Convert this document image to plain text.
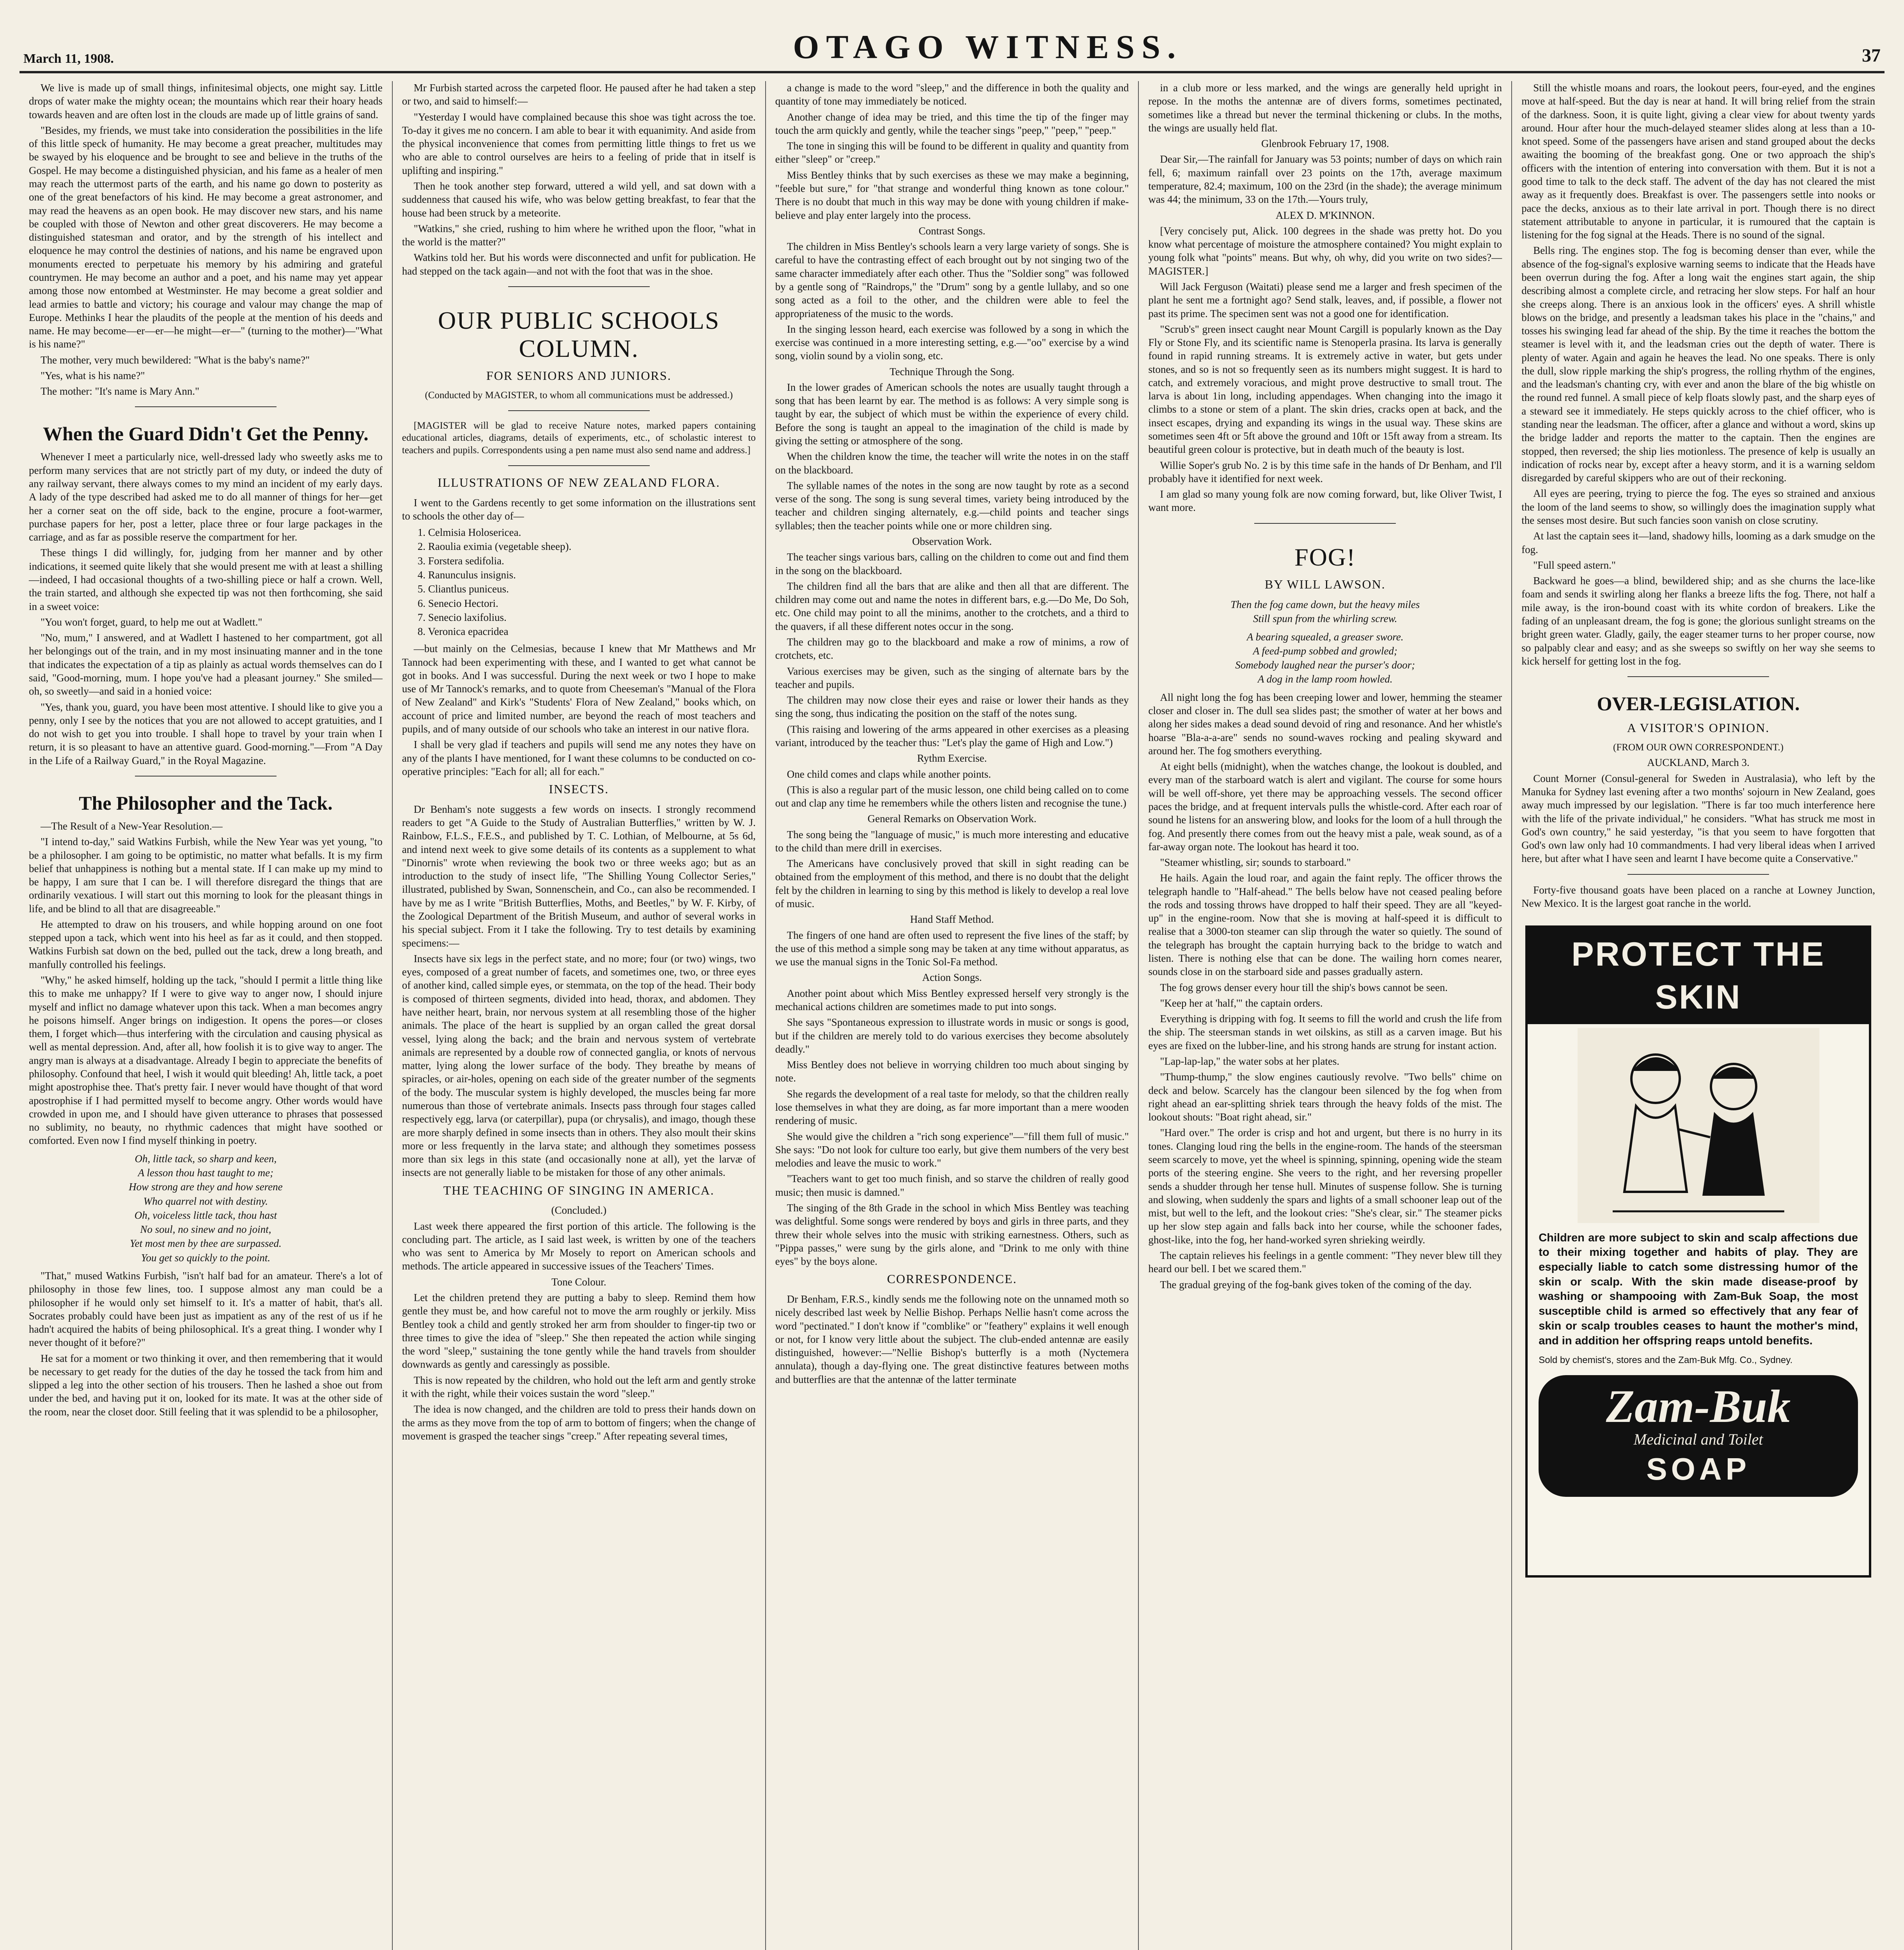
March 11, 1908.	OTAGO WITNESS.	37

We live is made up of small things, infinitesimal objects, one might say. Little drops of water make the mighty ocean; the mountains which rear their hoary heads towards heaven and are often lost in the clouds are made up of little grains of sand.

"Besides, my friends, we must take into consideration the possibilities in the life of this little speck of humanity. He may become a great preacher, multitudes may be swayed by his eloquence and be brought to see and believe in the truths of the Gospel. He may become a distinguished physician, and his fame as a healer of men may reach the uttermost parts of the earth, and his name go down to posterity as one of the great benefactors of his kind. He may become a great astronomer, and may read the heavens as an open book. He may discover new stars, and his name be coupled with those of Newton and other great discoverers. He may become a distinguished statesman and orator, and by the strength of his intellect and eloquence he may control the destinies of nations, and his name be engraved upon monuments erected to perpetuate his memory by his admiring and grateful countrymen. He may become an author and a poet, and his name may yet appear among those now entombed at Westminster. He may become a great soldier and lead armies to battle and victory; his courage and valour may change the map of Europe. Methinks I hear the plaudits of the people at the mention of his deeds and name. He may become—er—er—he might—er—" (turning to the mother)—"What is his name?"

The mother, very much bewildered: "What is the baby's name?"

"Yes, what is his name?"

The mother: "It's name is Mary Ann."

When the Guard Didn't Get the Penny.

Whenever I meet a particularly nice, well-dressed lady who sweetly asks me to perform many services that are not strictly part of my duty, or indeed the duty of any railway servant, there always comes to my mind an incident of my early days. A lady of the type described had asked me to do all manner of things for her—get her a corner seat on the off side, back to the engine, procure a foot-warmer, purchase papers for her, post a letter, place three or four large packages in the carriage, and as far as possible reserve the compartment for her.

These things I did willingly, for, judging from her manner and by other indications, it seemed quite likely that she would present me with at least a shilling—indeed, I had occasional thoughts of a two-shilling piece or half a crown. Well, the train started, and although she expected tip was not then forthcoming, she said in a sweet voice:

"You won't forget, guard, to help me out at Wadlett."

"No, mum," I answered, and at Wadlett I hastened to her compartment, got all her belongings out of the train, and in my most insinuating manner and in the tone that indicates the expectation of a tip as plainly as actual words themselves can do I said, "Good-morning, mum. I hope you've had a pleasant journey." She smiled—oh, so sweetly—and said in a honied voice:

"Yes, thank you, guard, you have been most attentive. I should like to give you a penny, only I see by the notices that you are not allowed to accept gratuities, and I do not wish to get you into trouble. I shall hope to travel by your train when I return, it is so pleasant to have an attentive guard. Good-morning."—From "A Day in the Life of a Railway Guard," in the Royal Magazine.

The Philosopher and the Tack.

—The Result of a New-Year Resolution.—

"I intend to-day," said Watkins Furbish, while the New Year was yet young, "to be a philosopher. I am going to be optimistic, no matter what befalls. It is my firm belief that unhappiness is nothing but a mental state. If I can make up my mind to be happy, I am sure that I can be. I will therefore disregard the things that are ordinarily vexatious. I will start out this morning to look for the pleasant things in life, and be blind to all that are disagreeable."

He attempted to draw on his trousers, and while hopping around on one foot stepped upon a tack, which went into his heel as far as it could, and then stopped. Watkins Furbish sat down on the bed, pulled out the tack, drew a long breath, and manfully controlled his feelings.

"Why," he asked himself, holding up the tack, "should I permit a little thing like this to make me unhappy? If I were to give way to anger now, I should injure myself and inflict no damage whatever upon this tack. When a man becomes angry he poisons himself. Anger brings on indigestion. It opens the pores—or closes them, I forget which—thus interfering with the circulation and causing physical as well as mental depression. And, after all, how foolish it is to give way to anger. The angry man is always at a disadvantage. Already I begin to appreciate the benefits of philosophy. Confound that heel, I wish it would quit bleeding! Ah, little tack, a poet might apostrophise thee. That's pretty fair. I never would have thought of that word apostrophise if I had permitted myself to become angry. Other words would have crowded in upon me, and I should have given utterance to phrases that possessed no sublimity, no beauty, no rhythmic cadences that might have soothed or comforted. Even now I find myself thinking in poetry.

Oh, little tack, so sharp and keen,
A lesson thou hast taught to me;
How strong are they and how serene
Who quarrel not with destiny.
Oh, voiceless little tack, thou hast
No soul, no sinew and no joint,
Yet most men by thee are surpassed.
You get so quickly to the point.

"That," mused Watkins Furbish, "isn't half bad for an amateur. There's a lot of philosophy in those few lines, too. I suppose almost any man could be a philosopher if he would only set himself to it. It's a matter of habit, that's all. Socrates probably could have been just as impatient as any of the rest of us if he hadn't acquired the habits of being philosophical. It's a great thing. I wonder why I never thought of it before?"

He sat for a moment or two thinking it over, and then remembering that it would be necessary to get ready for the duties of the day he tossed the tack from him and slipped a leg into the other section of his trousers. Then he lashed a shoe out from under the bed, and having put it on, looked for its mate. It was at the other side of the room, near the closet door. Still feeling that it was splendid to be a philosopher,

Mr Furbish started across the carpeted floor. He paused after he had taken a step or two, and said to himself:—

"Yesterday I would have complained because this shoe was tight across the toe. To-day it gives me no concern. I am able to bear it with equanimity. And aside from the physical inconvenience that comes from permitting little things to fret us we who are able to control ourselves are heirs to a feeling of pride that in itself is uplifting and inspiring."

Then he took another step forward, uttered a wild yell, and sat down with a suddenness that caused his wife, who was below getting breakfast, to fear that the house had been struck by a meteorite.

"Watkins," she cried, rushing to him where he writhed upon the floor, "what in the world is the matter?"

Watkins told her. But his words were disconnected and unfit for publication. He had stepped on the tack again—and not with the foot that was in the shoe.

OUR PUBLIC SCHOOLS COLUMN.
FOR SENIORS AND JUNIORS.

(Conducted by MAGISTER, to whom all communications must be addressed.)

[MAGISTER will be glad to receive Nature notes, marked papers containing educational articles, diagrams, details of experiments, etc., of scholastic interest to teachers and pupils. Correspondents using a pen name must also send name and address.]

ILLUSTRATIONS OF NEW ZEALAND FLORA.

I went to the Gardens recently to get some information on the illustrations sent to schools the other day of—

1. Celmisia Holosericea.
2. Raoulia eximia (vegetable sheep).
3. Forstera sedifolia.
4. Ranunculus insignis.
5. Cliantlus puniceus.
6. Senecio Hectori.
7. Senecio laxifolius.
8. Veronica epacridea

—but mainly on the Celmesias, because I knew that Mr Matthews and Mr Tannock had been experimenting with these, and I wanted to get what cannot be got in books. And I was successful. During the next week or two I hope to make use of Mr Tannock's remarks, and to quote from Cheeseman's "Manual of the Flora of New Zealand" and Kirk's "Students' Flora of New Zealand," books which, on account of price and limited number, are beyond the reach of most teachers and pupils, and of many outside of our schools who take an interest in our native flora.

I shall be very glad if teachers and pupils will send me any notes they have on any of the plants I have mentioned, for I want these columns to be conducted on co-operative principles: "Each for all; all for each."

INSECTS.

Dr Benham's note suggests a few words on insects. I strongly recommend readers to get "A Guide to the Study of Australian Butterflies," written by W. J. Rainbow, F.L.S., F.E.S., and published by T. C. Lothian, of Melbourne, at 5s 6d, and intend next week to give some details of its contents as a supplement to what "Dinornis" wrote when reviewing the book two or three weeks ago; but as an introduction to the study of insect life, "The Shilling Young Collector Series," illustrated, published by Swan, Sonnenschein, and Co., can also be recommended. I have by me as I write "British Butterflies, Moths, and Beetles," by W. F. Kirby, of the Zoological Department of the British Museum, and author of several works in his special subject. From it I take the following. Try to test details by examining specimens:—

Insects have six legs in the perfect state, and no more; four (or two) wings, two eyes, composed of a great number of facets, and sometimes one, two, or three eyes of another kind, called simple eyes, or stemmata, on the top of the head. Their body is composed of thirteen segments, divided into head, thorax, and abdomen. They have neither heart, brain, nor nervous system at all resembling those of the higher animals. The place of the heart is supplied by an organ called the great dorsal vessel, lying along the back; and the brain and nervous system of vertebrate animals are represented by a double row of connected ganglia, or knots of nervous matter, lying along the lower surface of the body. They breathe by means of spiracles, or air-holes, opening on each side of the greater number of the segments of the body. The muscular system is highly developed, the muscles being far more numerous than those of vertebrate animals. Insects pass through four stages called respectively egg, larva (or caterpillar), pupa (or chrysalis), and imago, though these are more sharply defined in some insects than in others. They also moult their skins more or less frequently in the larva state; and although they sometimes possess more than six legs in this state (and occasionally none at all), yet the larvæ of insects are not generally liable to be mistaken for those of any other animals.

THE TEACHING OF SINGING IN AMERICA.

(Concluded.)

Last week there appeared the first portion of this article. The following is the concluding part. The article, as I said last week, is written by one of the teachers who was sent to America by Mr Mosely to report on American schools and methods. The article appeared in successive issues of the Teachers' Times.

Tone Colour.

Let the children pretend they are putting a baby to sleep. Remind them how gentle they must be, and how careful not to move the arm roughly or jerkily. Miss Bentley took a child and gently stroked her arm from shoulder to finger-tip two or three times to give the idea of "sleep." She then repeated the action while singing the word "sleep," sustaining the tone gently while the hand travels from shoulder downwards as gently and caressingly as possible.

This is now repeated by the children, who hold out the left arm and gently stroke it with the right, while their voices sustain the word "sleep."

The idea is now changed, and the children are told to press their hands down on the arms as they move from the top of arm to bottom of fingers; when the change of movement is grasped the teacher sings "creep." After repeating several times,

a change is made to the word "sleep," and the difference in both the quality and quantity of tone may immediately be noticed.

Another change of idea may be tried, and this time the tip of the finger may touch the arm quickly and gently, while the teacher sings "peep," "peep," "peep."

The tone in singing this will be found to be different in quality and quantity from either "sleep" or "creep."

Miss Bentley thinks that by such exercises as these we may make a beginning, "feeble but sure," for "that strange and wonderful thing known as tone colour." There is no doubt that much in this way may be done with young children if make-believe and play enter largely into the process.

Contrast Songs.

The children in Miss Bentley's schools learn a very large variety of songs. She is careful to have the contrasting effect of each brought out by not singing two of the same character immediately after each other. Thus the "Soldier song" was followed by a gentle song of "Raindrops," the "Drum" song by a gentle lullaby, and so one song acted as a foil to the other, and the children were able to feel the appropriateness of the music to the words.

In the singing lesson heard, each exercise was followed by a song in which the exercise was continued in a more interesting setting, e.g.—"oo" exercise by a wind song, violin sound by a violin song, etc.

Technique Through the Song.

In the lower grades of American schools the notes are usually taught through a song that has been learnt by ear. The method is as follows: A very simple song is taught by ear, the subject of which must be within the experience of every child. Before the song is taught an appeal to the imagination of the child is made by giving the setting or atmosphere of the song.

When the children know the time, the teacher will write the notes in on the staff on the blackboard.

The syllable names of the notes in the song are now taught by rote as a second verse of the song. The song is sung several times, variety being introduced by the teacher and children singing alternately, e.g.—child points and teacher sings syllables; then the teacher points while one or more children sing.

Observation Work.

The teacher sings various bars, calling on the children to come out and find them in the song on the blackboard.

The children find all the bars that are alike and then all that are different. The children may come out and name the notes in different bars, e.g.—Do Me, Do Soh, etc. One child may point to all the minims, another to the crotchets, and a third to the quavers, if all these different notes occur in the song.

The children may go to the blackboard and make a row of minims, a row of crotchets, etc.

Various exercises may be given, such as the singing of alternate bars by the teacher and pupils.

The children may now close their eyes and raise or lower their hands as they sing the song, thus indicating the position on the staff of the notes sung.

(This raising and lowering of the arms appeared in other exercises as a pleasing variant, introduced by the teacher thus: "Let's play the game of High and Low.")

Rythm Exercise.

One child comes and claps while another points.

(This is also a regular part of the music lesson, one child being called on to come out and clap any time he remembers while the others listen and recognise the tune.)

General Remarks on Observation Work.

The song being the "language of music," is much more interesting and educative to the child than mere drill in exercises.

The Americans have conclusively proved that skill in sight reading can be obtained from the employment of this method, and there is no doubt that the delight felt by the children in learning to sing by this method is likely to develop a real love of music.

Hand Staff Method.

The fingers of one hand are often used to represent the five lines of the staff; by the use of this method a simple song may be taken at any time without apparatus, as we use the manual signs in the Tonic Sol-Fa method.

Action Songs.

Another point about which Miss Bentley expressed herself very strongly is the mechanical actions children are sometimes made to put into songs.

She says "Spontaneous expression to illustrate words in music or songs is good, but if the children are merely told to do various exercises they become absolutely deadly."

Miss Bentley does not believe in worrying children too much about singing by note.

She regards the development of a real taste for melody, so that the children really lose themselves in what they are doing, as far more important than a mere wooden rendering of music.

She would give the children a "rich song experience"—"fill them full of music." She says: "Do not look for culture too early, but give them numbers of the very best melodies and leave the music to work."

"Teachers want to get too much finish, and so starve the children of really good music; then music is damned."

The singing of the 8th Grade in the school in which Miss Bentley was teaching was delightful. Some songs were rendered by boys and girls in three parts, and they threw their whole selves into the music with striking earnestness. Others, such as "Pippa passes," were sung by the girls alone, and "Drink to me only with thine eyes" by the boys alone.

CORRESPONDENCE.

Dr Benham, F.R.S., kindly sends me the following note on the unnamed moth so nicely described last week by Nellie Bishop. Perhaps Nellie hasn't come across the word "pectinated." I don't know if "comblike" or "feathery" explains it well enough or not, for I know very little about the subject. The club-ended antennæ are easily distinguished, however:—"Nellie Bishop's butterfly is a moth (Nyctemera annulata), though a day-flying one. The great distinctive features between moths and butterflies are that the antennæ of the latter terminate

in a club more or less marked, and the wings are generally held upright in repose. In the moths the antennæ are of divers forms, sometimes pectinated, sometimes like a thread but never the terminal thickening or clubs. In the moths, the wings are usually held flat.

Glenbrook February 17, 1908.

Dear Sir,—The rainfall for January was 53 points; number of days on which rain fell, 6; maximum rainfall over 23 points on the 17th, average maximum temperature, 82.4; maximum, 100 on the 23rd (in the shade); the average minimum was 44; the minimum, 33 on the 17th.—Yours truly,

ALEX D. M'KINNON.

[Very concisely put, Alick. 100 degrees in the shade was pretty hot. Do you know what percentage of moisture the atmosphere contained? You might explain to young folk what "points" means. But why, oh why, did you write on two sides?—MAGISTER.]

Will Jack Ferguson (Waitati) please send me a larger and fresh specimen of the plant he sent me a fortnight ago? Send stalk, leaves, and, if possible, a flower not past its prime. The specimen sent was not a good one for identification.

"Scrub's" green insect caught near Mount Cargill is popularly known as the Day Fly or Stone Fly, and its scientific name is Stenoperla prasina. Its larva is generally found in rapid running streams. It is extremely active in water, but gets under stones, and so is not so frequently seen as its numbers might suggest. It is hard to catch, and extremely voracious, and might prove destructive to small trout. The larva is about 1in long, including appendages. When changing into the imago it climbs to a stone or stem of a plant. The skin dries, cracks open at back, and the insect escapes, drying and expanding its wings in the usual way. These skins are sometimes seen 4ft or 5ft above the ground and 10ft or 15ft away from a stream. Its beautiful green colour is protective, but in death much of the beauty is lost.

Willie Soper's grub No. 2 is by this time safe in the hands of Dr Benham, and I'll probably have it identified for next week.

I am glad so many young folk are now coming forward, but, like Oliver Twist, I want more.

FOG!
BY WILL LAWSON.
Then the fog came down, but the heavy miles
Still spun from the whirling screw.
A bearing squealed, a greaser swore.
A feed-pump sobbed and growled;
Somebody laughed near the purser's door;
A dog in the lamp room howled.

All night long the fog has been creeping lower and lower, hemming the steamer closer and closer in. The dull sea slides past; the smother of water at her bows and along her sides makes a dead sound devoid of ring and resonance. And her whistle's hoarse "Bla-a-a-are" sends no sound-waves rocking and pealing skyward and around her. The fog smothers everything.

At eight bells (midnight), when the watches change, the lookout is doubled, and every man of the starboard watch is alert and vigilant. The course for some hours will be well off-shore, yet there may be approaching vessels. The second officer paces the bridge, and at frequent intervals pulls the whistle-cord. After each roar of sound he listens for an answering blow, and looks for the loom of a hull through the fog. And presently there comes from out the heavy mist a pale, weak sound, as of a far-away organ note. The lookout has heard it too.

"Steamer whistling, sir; sounds to starboard."

He hails. Again the loud roar, and again the faint reply. The officer throws the telegraph handle to "Half-ahead." The bells below have not ceased pealing before the rods and tossing throws have dropped to half their speed. They are all "keyed-up" in the engine-room. Now that she is moving at half-speed it is difficult to realise that a 3000-ton steamer can slip through the water so quietly. The sound of the telegraph has brought the captain hurrying back to the bridge to watch and listen. There is nothing else that can be done. The wailing horn comes nearer, sounds close in on the starboard side and passes gradually astern.

The fog grows denser every hour till the ship's bows cannot be seen.

"Keep her at 'half,'" the captain orders.

Everything is dripping with fog. It seems to fill the world and crush the life from the ship. The steersman stands in wet oilskins, as still as a carven image. But his eyes are fixed on the lubber-line, and his strong hands are strung for instant action.

"Lap-lap-lap," the water sobs at her plates.

"Thump-thump," the slow engines cautiously revolve. "Two bells" chime on deck and below. Scarcely has the clangour been silenced by the fog when from right ahead an ear-splitting shriek tears through the heavy folds of the mist. The lookout shouts: "Boat right ahead, sir."

"Hard over." The order is crisp and hot and urgent, but there is no hurry in its tones. Clanging loud ring the bells in the engine-room. The hands of the steersman seem scarcely to move, yet the wheel is spinning, spinning, opening wide the steam ports of the steering engine. She veers to the right, and her reversing propeller sends a shudder through her tense hull. Minutes of suspense follow. She is turning and slowing, when suddenly the spars and lights of a small schooner leap out of the mist, but well to the left, and the lookout cries: "She's clear, sir." The steamer picks up her slow step again and falls back into her course, while the schooner fades, ghost-like, into the fog, her hand-worked syren shrieking weirdly.

The captain relieves his feelings in a gentle comment: "They never blew till they heard our bell. I bet we scared them."

The gradual greying of the fog-bank gives token of the coming of the day.

Still the whistle moans and roars, the lookout peers, four-eyed, and the engines move at half-speed. But the day is near at hand. It will bring relief from the strain of the darkness. Soon, it is quite light, giving a clear view for about twenty yards around. Hour after hour the much-delayed steamer slides along at less than a 10-knot speed. Some of the passengers have arisen and stand grouped about the decks awaiting the booming of the breakfast gong. One or two approach the ship's officers with the intention of entering into conversation with them. But it is not a good time to talk to the deck staff. The advent of the day has not cleared the mist away as it frequently does. Breakfast is over. The passengers settle into nooks or pace the decks, anxious as to their late arrival in port. Though there is no direct statement attributable to anyone in particular, it is rumoured that the captain is listening for the fog signal at the Heads. There is no sound of the signal.

Bells ring. The engines stop. The fog is becoming denser than ever, while the absence of the fog-signal's explosive warning seems to indicate that the Heads have been overrun during the fog. After a long wait the engines start again, the ship describing almost a complete circle, and retracing her slow steps. For half an hour she creeps along. There is an anxious look in the officers' eyes. A shrill whistle blows on the bridge, and presently a leadsman takes his place in the "chains," and tosses his swinging lead far ahead of the ship. By the time it reaches the bottom the steamer is level with it, and the leadsman cries out the depth of water. There is plenty of water. Again and again he heaves the lead. No one speaks. There is only the dull, slow ripple marking the ship's progress, the rolling rhythm of the engines, and the leadsman's chanting cry, with ever and anon the blare of the big whistle on the round red funnel. A small piece of kelp floats slowly past, and the sharp eyes of a steward see it immediately. He steps quickly across to the chief officer, who is standing near the leadsman. The officer, after a glance and without a word, skins up the bridge ladder and reports the matter to the captain. Then the engines are stopped, then reversed; the ship lies motionless. The presence of kelp is usually an indication of rocks near by, except after a heavy storm, and it is a warning seldom disregarded by careful skippers who are out of their reckoning.

All eyes are peering, trying to pierce the fog. The eyes so strained and anxious the loom of the land seems to show, so willingly does the imagination supply what the senses most desire. But such fancies soon vanish on close scrutiny.

At last the captain sees it—land, shadowy hills, looming as a dark smudge on the fog.

"Full speed astern."

Backward he goes—a blind, bewildered ship; and as she churns the lace-like foam and sends it swirling along her flanks a breeze lifts the fog. There, not half a mile away, is the iron-bound coast with its white cordon of breakers. Like the fading of an unpleasant dream, the fog is gone; the glorious sunlight streams on the bright green water. Gladly, gaily, the eager steamer turns to her proper course, now so palpably clear and easy; and as she sweeps so swiftly on her way she seems to kick herself for getting lost in the fog.

OVER-LEGISLATION.
A VISITOR'S OPINION.

(FROM OUR OWN CORRESPONDENT.)

AUCKLAND, March 3.

Count Morner (Consul-general for Sweden in Australasia), who left by the Manuka for Sydney last evening after a two months' sojourn in New Zealand, goes away much impressed by our legislation. "There is far too much interference here with the life of the private individual," he considers. "What has struck me most in God's own country," he said yesterday, "is that you seem to have forgotten that God's own law only had 10 commandments. I had very liberal ideas when I arrived here, but after what I have seen and learnt I have become quite a Conservative."

Forty-five thousand goats have been placed on a ranche at Lowney Junction, New Mexico. It is the largest goat ranche in the world.

PROTECT THE SKIN
Children are more subject to skin and scalp affections due to their mixing together and habits of play. They are especially liable to catch some distressing humor of the skin or scalp. With the skin made disease-proof by washing or shampooing with Zam-Buk Soap, the most susceptible child is armed so effectively that any fear of skin or scalp troubles ceases to haunt the mother's mind, and in addition her offspring reaps untold benefits.
Sold by chemist's, stores and the Zam-Buk Mfg. Co., Sydney.
Zam-Buk
Medicinal and Toilet
SOAP
